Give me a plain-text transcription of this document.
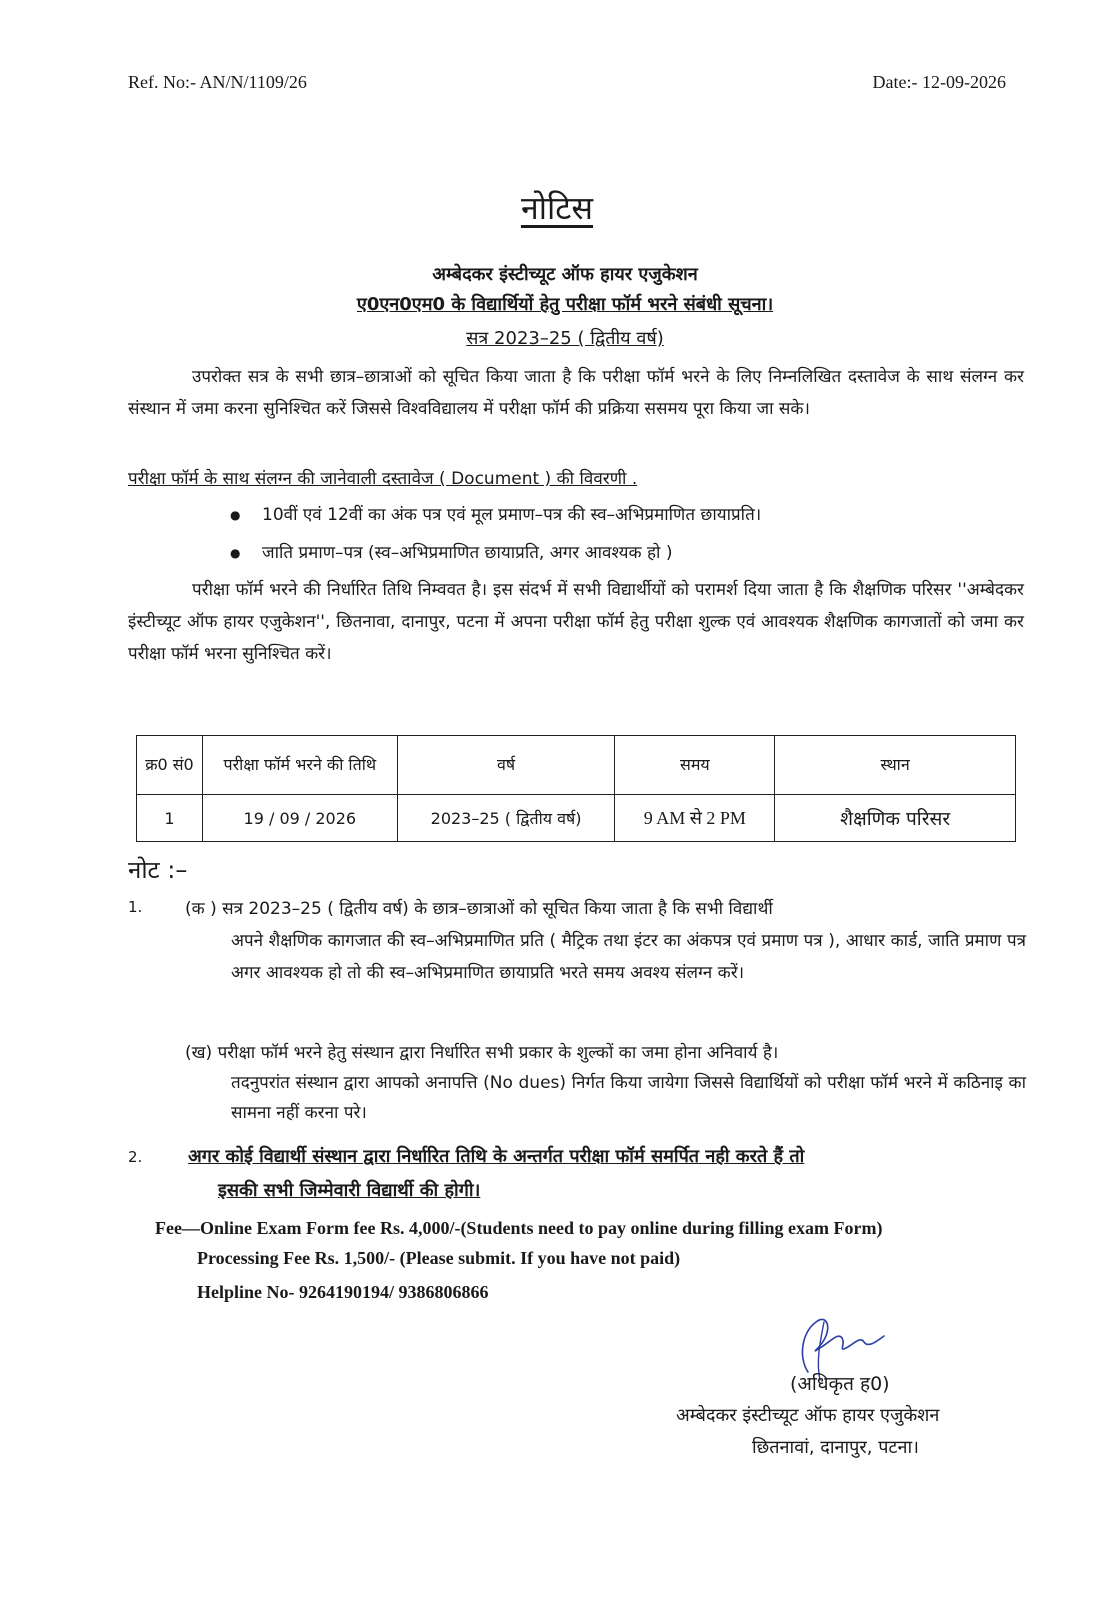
Ref. No:- AN/N/1109/26	Date:- 12-09-2026
नोटिस
अम्बेदकर इंस्टीच्यूट ऑफ हायर एजुकेशन
ए0एन0एम0 के विद्यार्थियों हेतु परीक्षा फॉर्म भरने संबंधी सूचना।
सत्र 2023–25 ( द्वितीय वर्ष)

उपरोक्त सत्र के सभी छात्र–छात्राओं को सूचित किया जाता है कि परीक्षा फॉर्म भरने के लिए निम्नलिखित दस्तावेज के साथ संलग्न कर संस्थान में जमा करना सुनिश्चित करें जिससे विश्वविद्यालय में परीक्षा फॉर्म की प्रक्रिया ससमय पूरा किया जा सके।

परीक्षा फॉर्म के साथ संलग्न की जानेवाली दस्तावेज ( Document ) की विवरणी .
● 10वीं एवं 12वीं का अंक पत्र एवं मूल प्रमाण–पत्र की स्व–अभिप्रमाणित छायाप्रति।
● जाति प्रमाण–पत्र (स्व–अभिप्रमाणित छायाप्रति, अगर आवश्यक हो )

परीक्षा फॉर्म भरने की निर्धारित तिथि निम्ववत है। इस संदर्भ में सभी विद्यार्थीयों को परामर्श दिया जाता है कि शैक्षणिक परिसर ''अम्बेदकर इंस्टीच्यूट ऑफ हायर एजुकेशन'', छितनावा, दानापुर, पटना में अपना परीक्षा फॉर्म हेतु परीक्षा शुल्क एवं आवश्यक शैक्षणिक कागजातों को जमा कर परीक्षा फॉर्म भरना सुनिश्चित करें।

क्र0 सं0	परीक्षा फॉर्म भरने की तिथि	वर्ष	समय	स्थान
1	19 / 09 / 2026	2023–25 ( द्वितीय वर्ष)	9 AM से 2 PM	शैक्षणिक परिसर
नोट :–
1.	(क ) सत्र 2023–25 ( द्वितीय वर्ष) के छात्र–छात्राओं को सूचित किया जाता है कि सभी विद्यार्थी
अपने शैक्षणिक कागजात की स्व–अभिप्रमाणित प्रति ( मैट्रिक तथा इंटर का अंकपत्र एवं प्रमाण पत्र ), आधार कार्ड, जाति प्रमाण पत्र अगर आवश्यक हो तो की स्व–अभिप्रमाणित छायाप्रति भरते समय अवश्य संलग्न करें।

(ख) परीक्षा फॉर्म भरने हेतु संस्थान द्वारा निर्धारित सभी प्रकार के शुल्कों का जमा होना अनिवार्य है।
तदनुपरांत संस्थान द्वारा आपको अनापत्ति (No dues) निर्गत किया जायेगा जिससे विद्यार्थियों को परीक्षा फॉर्म भरने में कठिनाइ का सामना नहीं करना परे।

2.	अगर कोई विद्यार्थी संस्थान द्वारा निर्धारित तिथि के अन्तर्गत परीक्षा फॉर्म समर्पित नही करते हैं तो
इसकी सभी जिम्मेवारी विद्यार्थी की होगी।

Fee—Online Exam Form fee Rs. 4,000/-(Students need to pay online during filling exam Form)
Processing Fee Rs. 1,500/- (Please submit. If you have not paid)
Helpline No- 9264190194/ 9386806866
(अधिकृत ह0)
अम्बेदकर इंस्टीच्यूट ऑफ हायर एजुकेशन
छितनावां, दानापुर, पटना।
